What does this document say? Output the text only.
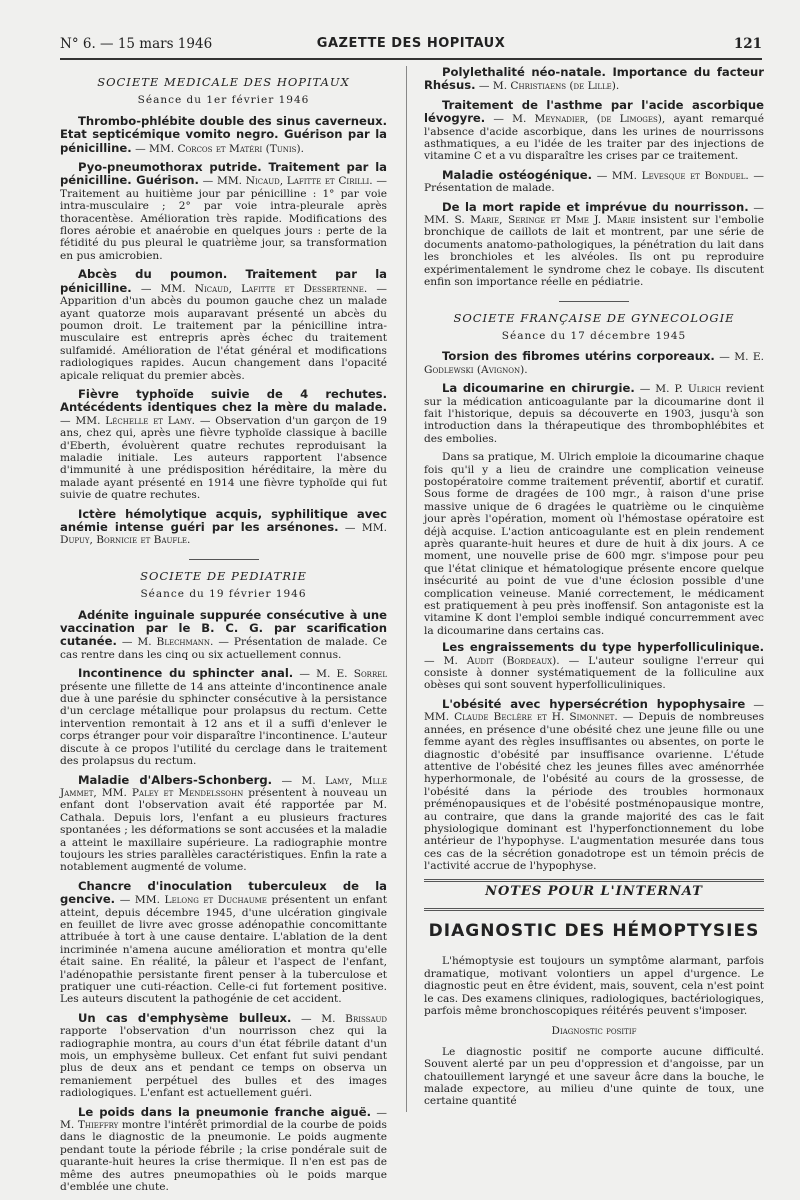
N° 6. — 15 mars 1946	GAZETTE DES HOPITAUX	121
SOCIETE MEDICALE DES HOPITAUX
Séance du 1er février 1946

Thrombo-phlébite double des sinus caverneux. Etat septicémique vomito negro. Guérison par la pénicilline. — MM. Corcos et Matéri (Tunis).

Pyo-pneumothorax putride. Traitement par la pénicilline. Guérison. — MM. Nicaud, Lafitte et Cirilli. — Traitement au huitième jour par pénicilline : 1° par voie intra-musculaire ; 2° par voie intra-pleurale après thoracentèse. Amélioration très rapide. Modifications des flores aérobie et anaérobie en quelques jours : perte de la fétidité du pus pleural le quatrième jour, sa transformation en pus amicrobien.

Abcès du poumon. Traitement par la pénicilline. — MM. Nicaud, Lafitte et Dessertenne. — Apparition d'un abcès du poumon gauche chez un malade ayant quatorze mois auparavant présenté un abcès du poumon droit. Le traitement par la pénicilline intra-musculaire est entrepris après échec du traitement sulfamidé. Amélioration de l'état général et modifications radiologiques rapides. Aucun changement dans l'opacité apicale reliquat du premier abcès.

Fièvre typhoïde suivie de 4 rechutes. Antécédents identiques chez la mère du malade. — MM. Léchelle et Lamy. — Observation d'un garçon de 19 ans, chez qui, après une fièvre typhoïde classique à bacille d'Eberth, évoluèrent quatre rechutes reproduisant la maladie initiale. Les auteurs rapportent l'absence d'immunité à une prédisposition héréditaire, la mère du malade ayant présenté en 1914 une fièvre typhoïde qui fut suivie de quatre rechutes.

Ictère hémolytique acquis, syphilitique avec anémie intense guéri par les arsénones. — MM. Dupuy, Bornicie et Baufle.

SOCIETE DE PEDIATRIE
Séance du 19 février 1946

Adénite inguinale suppurée consécutive à une vaccination par le B. C. G. par scarification cutanée. — M. Blechmann. — Présentation de malade. Ce cas rentre dans les cinq ou six actuellement connus.

Incontinence du sphincter anal. — M. E. Sorrel présente une fillette de 14 ans atteinte d'incontinence anale due à une parésie du sphincter consécutive à la persistance d'un cerclage métallique pour prolapsus du rectum. Cette intervention remontait à 12 ans et il a suffi d'enlever le corps étranger pour voir disparaître l'incontinence. L'auteur discute à ce propos l'utilité du cerclage dans le traitement des prolapsus du rectum.

Maladie d'Albers-Schonberg. — M. Lamy, Mlle Jammet, MM. Paley et Mendelssohn présentent à nouveau un enfant dont l'observation avait été rapportée par M. Cathala. Depuis lors, l'enfant a eu plusieurs fractures spontanées ; les déformations se sont accusées et la maladie a atteint le maxillaire supérieure. La radiographie montre toujours les stries parallèles caractéristiques. Enfin la rate a notablement augmenté de volume.

Chancre d'inoculation tuberculeux de la gencive. — MM. Lelong et Duchaume présentent un enfant atteint, depuis décembre 1945, d'une ulcération gingivale en feuillet de livre avec grosse adénopathie concomittante attribuée à tort à une cause dentaire. L'ablation de la dent incriminée n'amena aucune amélioration et montra qu'elle était saine. En réalité, la pâleur et l'aspect de l'enfant, l'adénopathie persistante firent penser à la tuberculose et pratiquer une cuti-réaction. Celle-ci fut fortement positive. Les auteurs discutent la pathogénie de cet accident.

Un cas d'emphysème bulleux. — M. Brissaud rapporte l'observation d'un nourrisson chez qui la radiographie montra, au cours d'un état fébrile datant d'un mois, un emphysème bulleux. Cet enfant fut suivi pendant plus de deux ans et pendant ce temps on observa un remaniement perpétuel des bulles et des images radiologiques. L'enfant est actuellement guéri.

Le poids dans la pneumonie franche aiguë. — M. Thieffry montre l'intérêt primordial de la courbe de poids dans le diagnostic de la pneumonie. Le poids augmente pendant toute la période fébrile ; la crise pondérale suit de quarante-huit heures la crise thermique. Il n'en est pas de même des autres pneumopathies où le poids marque d'emblée une chute.

Polylethalité néo-natale. Importance du facteur Rhésus. — M. Christiaens (de Lille).

Traitement de l'asthme par l'acide ascorbique lévogyre. — M. Meynadier, (de Limoges), ayant remarqué l'absence d'acide ascorbique, dans les urines de nourrissons asthmatiques, a eu l'idée de les traiter par des injections de vitamine C et a vu disparaître les crises par ce traitement.

Maladie ostéogénique. — MM. Levesque et Bonduel. — Présentation de malade.

De la mort rapide et imprévue du nourrisson. — MM. S. Marie, Seringe et Mme J. Marie insistent sur l'embolie bronchique de caillots de lait et montrent, par une série de documents anatomo-pathologiques, la pénétration du lait dans les bronchioles et les alvéoles. Ils ont pu reproduire expérimentalement le syndrome chez le cobaye. Ils discutent enfin son importance réelle en pédiatrie.

SOCIETE FRANÇAISE DE GYNECOLOGIE
Séance du 17 décembre 1945

Torsion des fibromes utérins corporeaux. — M. E. Godlewski (Avignon).

La dicoumarine en chirurgie. — M. P. Ulrich revient sur la médication anticoagulante par la dicoumarine dont il fait l'historique, depuis sa découverte en 1903, jusqu'à son introduction dans la thérapeutique des thrombophlébites et des embolies.

Dans sa pratique, M. Ulrich emploie la dicoumarine chaque fois qu'il y a lieu de craindre une complication veineuse postopératoire comme traitement préventif, abortif et curatif. Sous forme de dragées de 100 mgr., à raison d'une prise massive unique de 6 dragées le quatrième ou le cinquième jour après l'opération, moment où l'hémostase opératoire est déjà acquise. L'action anticoagulante est en plein rendement après quarante-huit heures et dure de huit à dix jours. A ce moment, une nouvelle prise de 600 mgr. s'impose pour peu que l'état clinique et hématologique présente encore quelque insécurité au point de vue d'une éclosion possible d'une complication veineuse. Manié correctement, le médicament est pratiquement à peu près inoffensif. Son antagoniste est la vitamine K dont l'emploi semble indiqué concurremment avec la dicoumarine dans certains cas.

Les engraissements du type hyperfolliculinique. — M. Audit (Bordeaux). — L'auteur souligne l'erreur qui consiste à donner systématiquement de la folliculine aux obèses qui sont souvent hyperfolliculiniques.

L'obésité avec hypersécrétion hypophysaire — MM. Claude Beclère et H. Simonnet. — Depuis de nombreuses années, en présence d'une obésité chez une jeune fille ou une femme ayant des règles insuffisantes ou absentes, on porte le diagnostic d'obésité par insuffisance ovarienne. L'étude attentive de l'obésité chez les jeunes filles avec aménorrhée hyperhormonale, de l'obésité au cours de la grossesse, de l'obésité dans la période des troubles hormonaux préménopausiques et de l'obésité postménopausique montre, au contraire, que dans la grande majorité des cas le fait physiologique dominant est l'hyperfonctionnement du lobe antérieur de l'hypophyse. L'augmentation mesurée dans tous ces cas de la sécrétion gonadotrope est un témoin précis de l'activité accrue de l'hypophyse.

NOTES POUR L'INTERNAT
DIAGNOSTIC DES HÉMOPTYSIES

L'hémoptysie est toujours un symptôme alarmant, parfois dramatique, motivant volontiers un appel d'urgence. Le diagnostic peut en être évident, mais, souvent, cela n'est point le cas. Des examens cliniques, radiologiques, bactériologiques, parfois même bronchoscopiques réitérés peuvent s'imposer.

Diagnostic positif

Le diagnostic positif ne comporte aucune difficulté. Souvent alerté par un peu d'oppression et d'angoisse, par un chatouillement laryngé et une saveur âcre dans la bouche, le malade expectore, au milieu d'une quinte de toux, une certaine quantité
